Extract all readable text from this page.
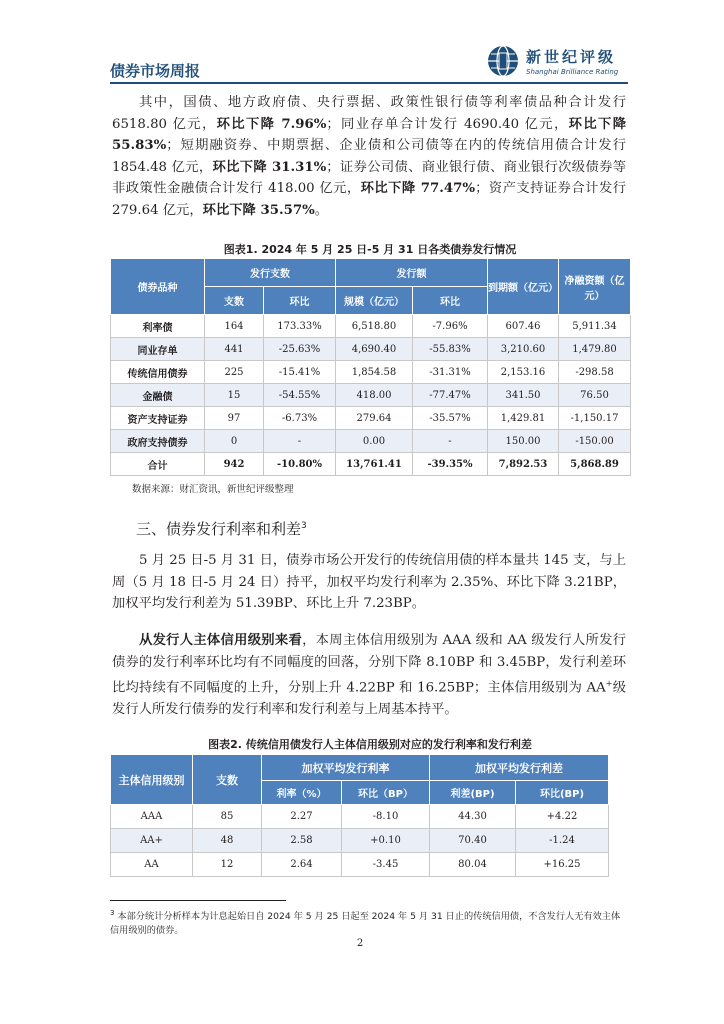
债券市场周报
新世纪评级
Shanghai Brilliance Rating

其中，国债、地方政府债、央行票据、政策性银行债等利率债品种合计发行6518.80 亿元，环比下降 7.96%；同业存单合计发行 4690.40 亿元，环比下降55.83%；短期融资券、中期票据、企业债和公司债等在内的传统信用债合计发行 1854.48 亿元，环比下降 31.31%；证券公司债、商业银行债、商业银行次级债券等非政策性金融债合计发行 418.00 亿元，环比下降 77.47%；资产支持证券合计发行 279.64 亿元，环比下降 35.57%。

图表1. 2024 年 5 月 25 日-5 月 31 日各类债券发行情况
债券品种	发行支数		发行额		到期额（亿元）	净融资额（亿元）
	支数	环比	规模（亿元）	环比		
利率债	164	173.33%	6,518.80	-7.96%	607.46	5,911.34
同业存单	441	-25.63%	4,690.40	-55.83%	3,210.60	1,479.80
传统信用债券	225	-15.41%	1,854.58	-31.31%	2,153.16	-298.58
金融债	15	-54.55%	418.00	-77.47%	341.50	76.50
资产支持证券	97	-6.73%	279.64	-35.57%	1,429.81	-1,150.17
政府支持债券	0	-	0.00	-	150.00	-150.00
合计	942	-10.80%	13,761.41	-39.35%	7,892.53	5,868.89
数据来源：财汇资讯，新世纪评级整理
三、债券发行利率和利差$^3$

5 月 25 日-5 月 31 日，债券市场公开发行的传统信用债的样本量共 145 支，与上周（5 月 18 日-5 月 24 日）持平，加权平均发行利率为 2.35%、环比下降 3.21BP，加权平均发行利差为 51.39BP、环比上升 7.23BP。

从发行人主体信用级别来看，本周主体信用级别为 AAA 级和 AA 级发行人所发行债券的发行利率环比均有不同幅度的回落，分别下降 8.10BP 和 3.45BP，发行利差环比均持续有不同幅度的上升，分别上升 4.22BP 和 16.25BP；主体信用级别为 AA+级发行人所发行债券的发行利率和发行利差与上周基本持平。

图表2. 传统信用债发行人主体信用级别对应的发行利率和发行利差
主体信用级别	支数	加权平均发行利率		加权平均发行利差	
		利率（%）	环比（BP）	利差(BP)	环比(BP)
AAA	85	2.27	-8.10	44.30	+4.22
AA+	48	2.58	+0.10	70.40	-1.24
AA	12	2.64	-3.45	80.04	+16.25

$^3$ 本部分统计分析样本为计息起始日自 2024 年 5 月 25 日起至 2024 年 5 月 31 日止的传统信用债，不含发行人无有效主体信用级别的债券。

2
